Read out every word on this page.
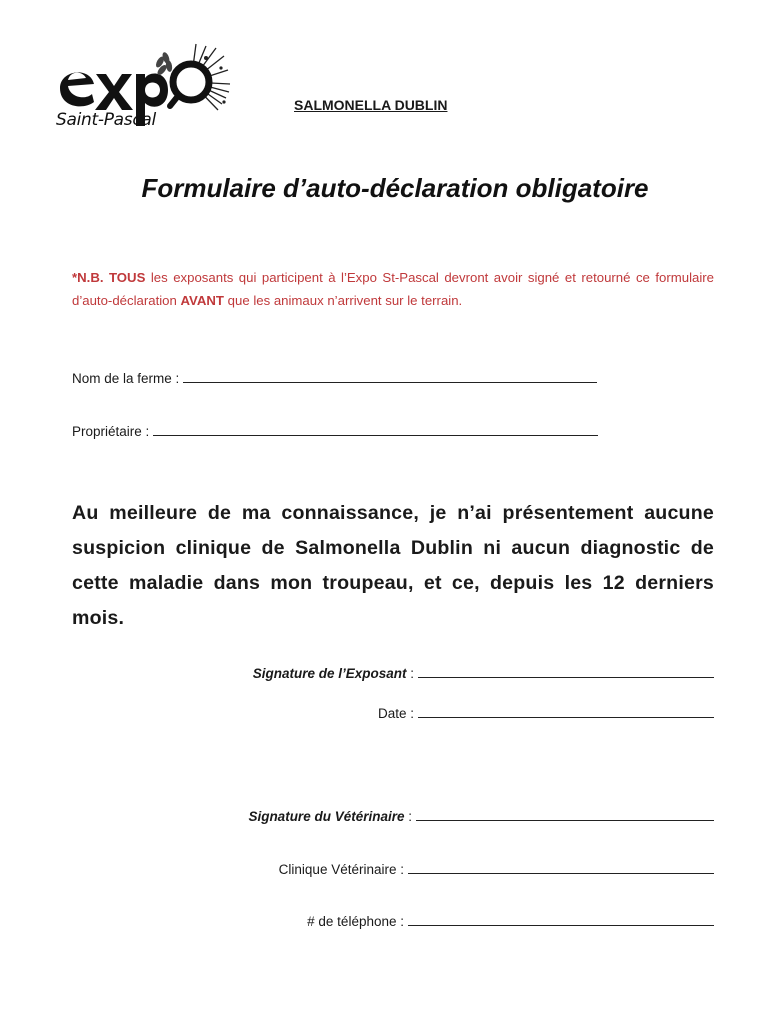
Saint-Pascal
SALMONELLA DUBLIN
Formulaire d’auto-déclaration obligatoire
*N.B. TOUS les exposants qui participent à l’Expo St-Pascal devront avoir signé et retourné ce formulaire d’auto-déclaration AVANT que les animaux n’arrivent sur le terrain.
Nom de la ferme :
Propriétaire :
Au meilleure de ma connaissance, je n’ai présentement aucune suspicion clinique de Salmonella Dublin ni aucun diagnostic de cette maladie dans mon troupeau, et ce, depuis les 12 derniers mois.
Signature de l’Exposant :
Date :
Signature du Vétérinaire :
Clinique Vétérinaire :
# de téléphone :
